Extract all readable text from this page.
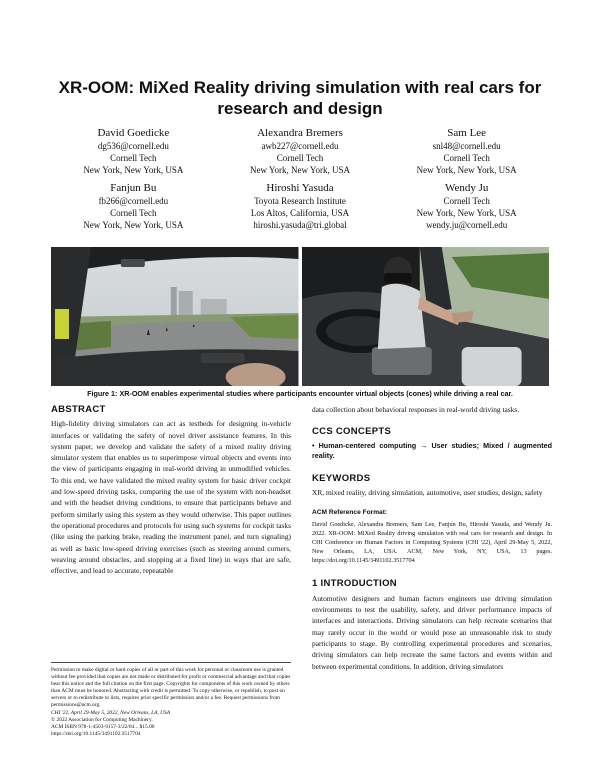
XR-OOM: MiXed Reality driving simulation with real cars for research and design
David Goedicke
dg536@cornell.edu
Cornell Tech
New York, New York, USA
Alexandra Bremers
awb227@cornell.edu
Cornell Tech
New York, New York, USA
Sam Lee
snl48@cornell.edu
Cornell Tech
New York, New York, USA
Fanjun Bu
fb266@cornell.edu
Cornell Tech
New York, New York, USA
Hiroshi Yasuda
Toyota Research Institute
Los Altos, California, USA
hiroshi.yasuda@tri.global
Wendy Ju
Cornell Tech
New York, New York, USA
wendy.ju@cornell.edu
Figure 1: XR-OOM enables experimental studies where participants encounter virtual objects (cones) while driving a real car.
ABSTRACT

High-fidelity driving simulators can act as testbeds for designing in-vehicle interfaces or validating the safety of novel driver assistance features. In this system paper, we develop and validate the safety of a mixed reality driving simulator system that enables us to superimpose virtual objects and events into the view of participants engaging in real-world driving in unmodified vehicles. To this end, we have validated the mixed reality system for basic driver cockpit and low-speed driving tasks, comparing the use of the system with non-headset and with the headset driving conditions, to ensure that participants behave and perform similarly using this system as they would otherwise. This paper outlines the operational procedures and protocols for using such systems for cockpit tasks (like using the parking brake, reading the instrument panel, and turn signaling) as well as basic low-speed driving exercises (such as steering around corners, weaving around obstacles, and stopping at a fixed line) in ways that are safe, effective, and lead to accurate, repeatable

Permission to make digital or hard copies of all or part of this work for personal or classroom use is granted without fee provided that copies are not made or distributed for profit or commercial advantage and that copies bear this notice and the full citation on the first page. Copyrights for components of this work owned by others than ACM must be honored. Abstracting with credit is permitted. To copy otherwise, or republish, to post on servers or to redistribute to lists, requires prior specific permission and/or a fee. Request permissions from permissions@acm.org.
CHI '22, April 29-May 5, 2022, New Orleans, LA, USA
© 2022 Association for Computing Machinery.
ACM ISBN 978-1-4503-9157-3/22/04... $15.00
https://doi.org/10.1145/3491102.3517704

data collection about behavioral responses in real-world driving tasks.

CCS CONCEPTS

• Human-centered computing → User studies; Mixed / augmented reality.

KEYWORDS

XR, mixed reality, driving simulation, automotive, user studies, design, safety

ACM Reference Format:
David Goedicke, Alexandra Bremers, Sam Lee, Fanjun Bu, Hiroshi Yasuda, and Wendy Ju. 2022. XR-OOM: MiXed Reality driving simulation with real cars for research and design. In CHI Conference on Human Factors in Computing Systems (CHI '22), April 29-May 5, 2022, New Orleans, LA, USA. ACM, New York, NY, USA, 13 pages. https://doi.org/10.1145/3491102.3517704
1 INTRODUCTION

Automotive designers and human factors engineers use driving simulation environments to test the usability, safety, and driver performance impacts of interfaces and interactions. Driving simulators can help recreate scenarios that may rarely occur in the world or would pose an unreasonable risk to study participants to stage. By controlling experimental procedures and scenarios, driving simulators can help recreate the same factors and events within and between experimental conditions. In addition, driving simulators
